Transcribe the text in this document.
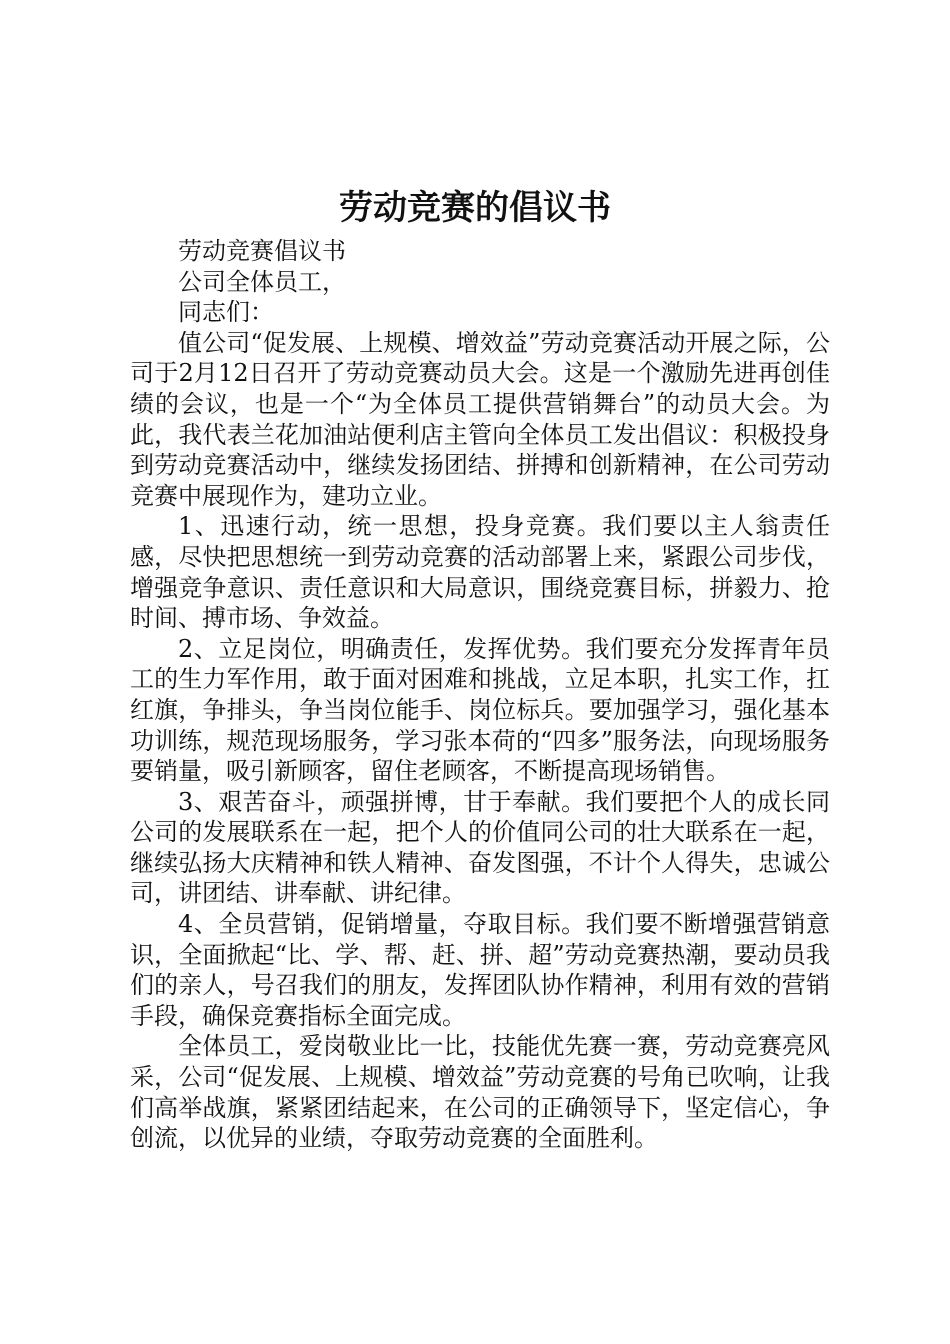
劳动竞赛的倡议书

劳动竞赛倡议书

公司全体员工，

同志们：

值公司“促发展、上规模、增效益”劳动竞赛活动开展之际，公司于2月12日召开了劳动竞赛动员大会。这是一个激励先进再创佳绩的会议，也是一个“为全体员工提供营销舞台”的动员大会。为此，我代表兰花加油站便利店主管向全体员工发出倡议：积极投身到劳动竞赛活动中，继续发扬团结、拼搏和创新精神，在公司劳动竞赛中展现作为，建功立业。

1、迅速行动，统一思想，投身竞赛。我们要以主人翁责任感，尽快把思想统一到劳动竞赛的活动部署上来，紧跟公司步伐，增强竞争意识、责任意识和大局意识，围绕竞赛目标，拼毅力、抢时间、搏市场、争效益。

2、立足岗位，明确责任，发挥优势。我们要充分发挥青年员工的生力军作用，敢于面对困难和挑战，立足本职，扎实工作，扛红旗，争排头，争当岗位能手、岗位标兵。要加强学习，强化基本功训练，规范现场服务，学习张本荷的“四多”服务法，向现场服务要销量，吸引新顾客，留住老顾客，不断提高现场销售。

3、艰苦奋斗，顽强拼博，甘于奉献。我们要把个人的成长同公司的发展联系在一起，把个人的价值同公司的壮大联系在一起，继续弘扬大庆精神和铁人精神、奋发图强，不计个人得失，忠诚公司，讲团结、讲奉献、讲纪律。

4、全员营销，促销增量，夺取目标。我们要不断增强营销意识，全面掀起“比、学、帮、赶、拼、超”劳动竞赛热潮，要动员我们的亲人，号召我们的朋友，发挥团队协作精神，利用有效的营销手段，确保竞赛指标全面完成。

全体员工，爱岗敬业比一比，技能优先赛一赛，劳动竞赛亮风采，公司“促发展、上规模、增效益”劳动竞赛的号角已吹响，让我们高举战旗，紧紧团结起来，在公司的正确领导下，坚定信心，争创流，以优异的业绩，夺取劳动竞赛的全面胜利。
